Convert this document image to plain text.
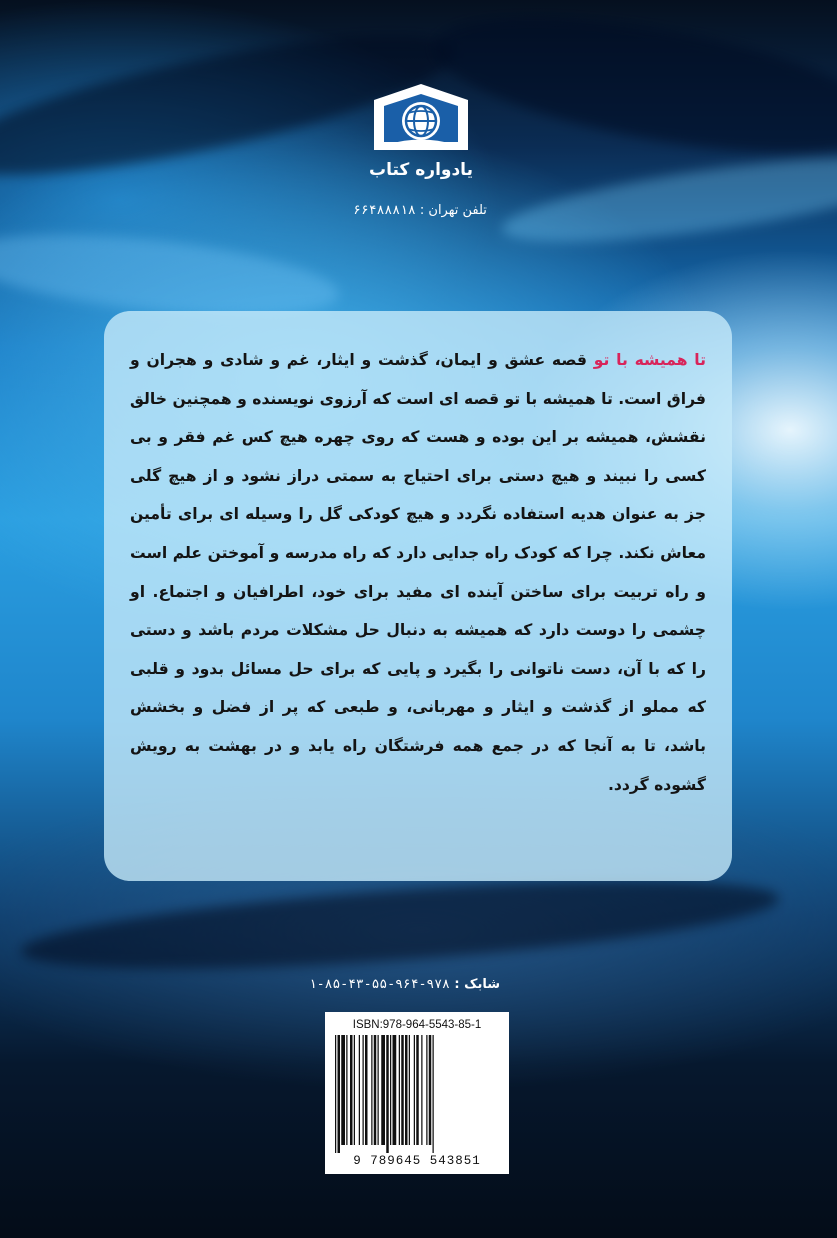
یادواره کتاب
تلفن تهران : ۶۶۴۸۸۸۱۸

تا همیشه با تو قصه عشق و ایمان، گذشت و ایثار، غم و شادی و هجران و فراق است. تا همیشه با تو قصه ای است که آرزوی نویسنده و همچنین خالق نقشش، همیشه بر این بوده و هست که روی چهره هیچ کس غم فقر و بی کسی را نبیند و هیچ دستی برای احتیاج به سمتی دراز نشود و از هیچ گلی جز به عنوان هدیه استفاده نگردد و هیچ کودکی گل را وسیله ای برای تأمین معاش نکند. چرا که کودک راه جدایی دارد که راه مدرسه و آموختن علم است و راه تربیت برای ساختن آینده ای مفید برای خود، اطرافیان و اجتماع. او چشمی را دوست دارد که همیشه به دنبال حل مشکلات مردم باشد و دستی را که با آن، دست ناتوانی را بگیرد و پایی که برای حل مسائل بدود و قلبی که مملو از گذشت و ایثار و مهربانی، و طبعی که پر از فضل و بخشش باشد، تا به آنجا که در جمع همه فرشتگان راه یابد و در بهشت به رویش گشوده گردد.

شابک : ۹۷۸-۹۶۴-۵۵-۴۳-۸۵-۱
ISBN:978-964-5543-85-1
9 789645 543851
